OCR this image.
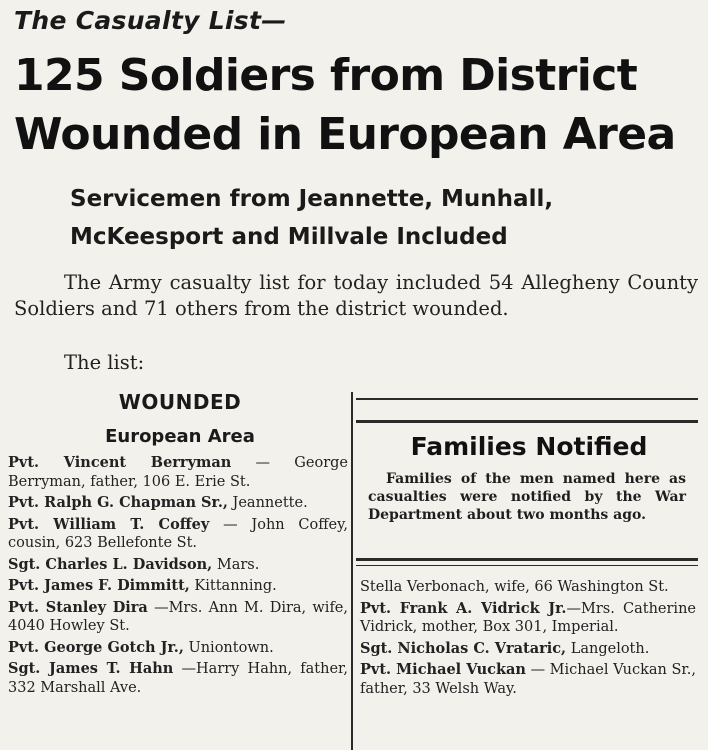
The Casualty List—
125 Soldiers from District
Wounded in European Area
Servicemen from Jeannette, Munhall,
McKeesport and Millvale Included
The Army casualty list for today included 54 Allegheny County Soldiers and 71 others from the district wounded.
The list:
WOUNDED
European Area
Pvt. Vincent Berryman — George Berryman, father, 106 E. Erie St.
Pvt. Ralph G. Chapman Sr., Jeannette.
Pvt. William T. Coffey — John Coffey, cousin, 623 Bellefonte St.
Sgt. Charles L. Davidson, Mars.
Pvt. James F. Dimmitt, Kittanning.
Pvt. Stanley Dira —Mrs. Ann M. Dira, wife, 4040 Howley St.
Pvt. George Gotch Jr., Uniontown.
Sgt. James T. Hahn —Harry Hahn, father, 332 Marshall Ave.
Families Notified
Families of the men named here as casualties were notified by the War Department about two months ago.
Stella Verbonach, wife, 66 Washington St.
Pvt. Frank A. Vidrick Jr.—Mrs. Catherine Vidrick, mother, Box 301, Imperial.
Sgt. Nicholas C. Vrataric, Langeloth.
Pvt. Michael Vuckan — Michael Vuckan Sr., father, 33 Welsh Way.
